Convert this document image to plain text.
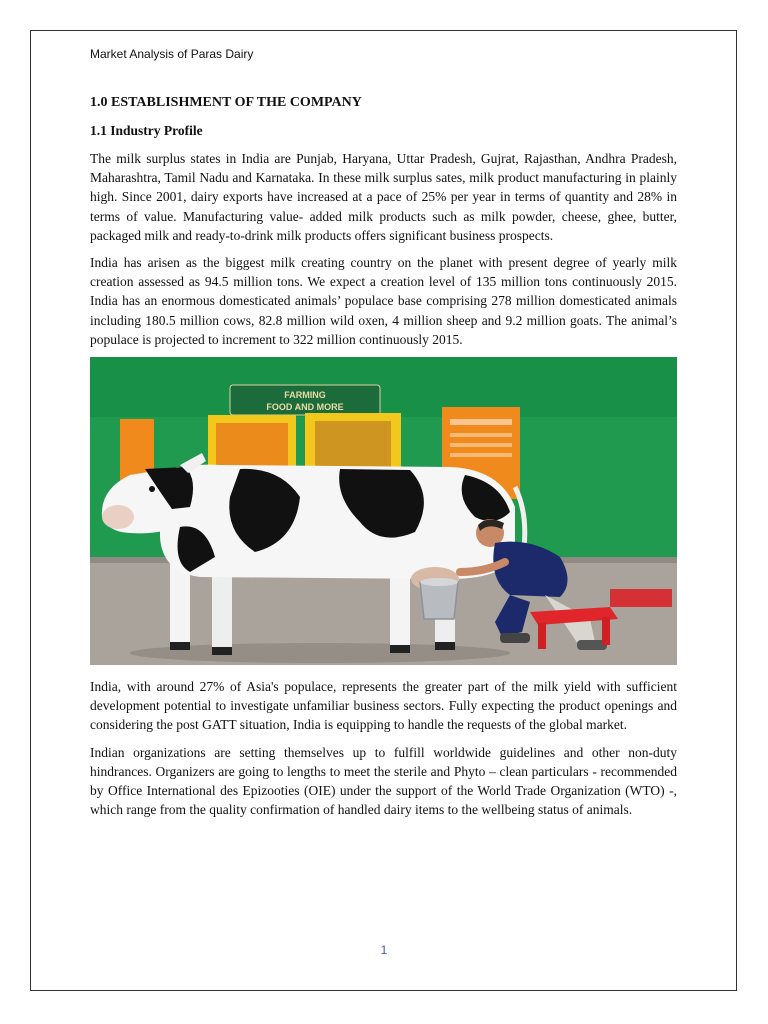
Market Analysis of Paras Dairy
1.0 ESTABLISHMENT OF THE COMPANY
1.1 Industry Profile

The milk surplus states in India are Punjab, Haryana, Uttar Pradesh, Gujrat, Rajasthan, Andhra Pradesh, Maharashtra, Tamil Nadu and Karnataka. In these milk surplus sates, milk product manufacturing in plainly high. Since 2001, dairy exports have increased at a pace of 25% per year in terms of quantity and 28% in terms of value. Manufacturing value- added milk products such as milk powder, cheese, ghee, butter, packaged milk and ready-to-drink milk products offers significant business prospects.

India has arisen as the biggest milk creating country on the planet with present degree of yearly milk creation assessed as 94.5 million tons. We expect a creation level of 135 million tons continuously 2015. India has an enormous domesticated animals’ populace base comprising 278 million domesticated animals including 180.5 million cows, 82.8 million wild oxen, 4 million sheep and 9.2 million goats. The animal’s populace is projected to increment to 322 million continuously 2015.

FARMING
FOOD AND MORE

India, with around 27% of Asia's populace, represents the greater part of the milk yield with sufficient development potential to investigate unfamiliar business sectors. Fully expecting the product openings and considering the post GATT situation, India is equipping to handle the requests of the global market.

Indian organizations are setting themselves up to fulfill worldwide guidelines and other non-duty hindrances. Organizers are going to lengths to meet the sterile and Phyto – clean particulars - recommended by Office International des Epizooties (OIE) under the support of the World Trade Organization (WTO) -, which range from the quality confirmation of handled dairy items to the wellbeing status of animals.

1
